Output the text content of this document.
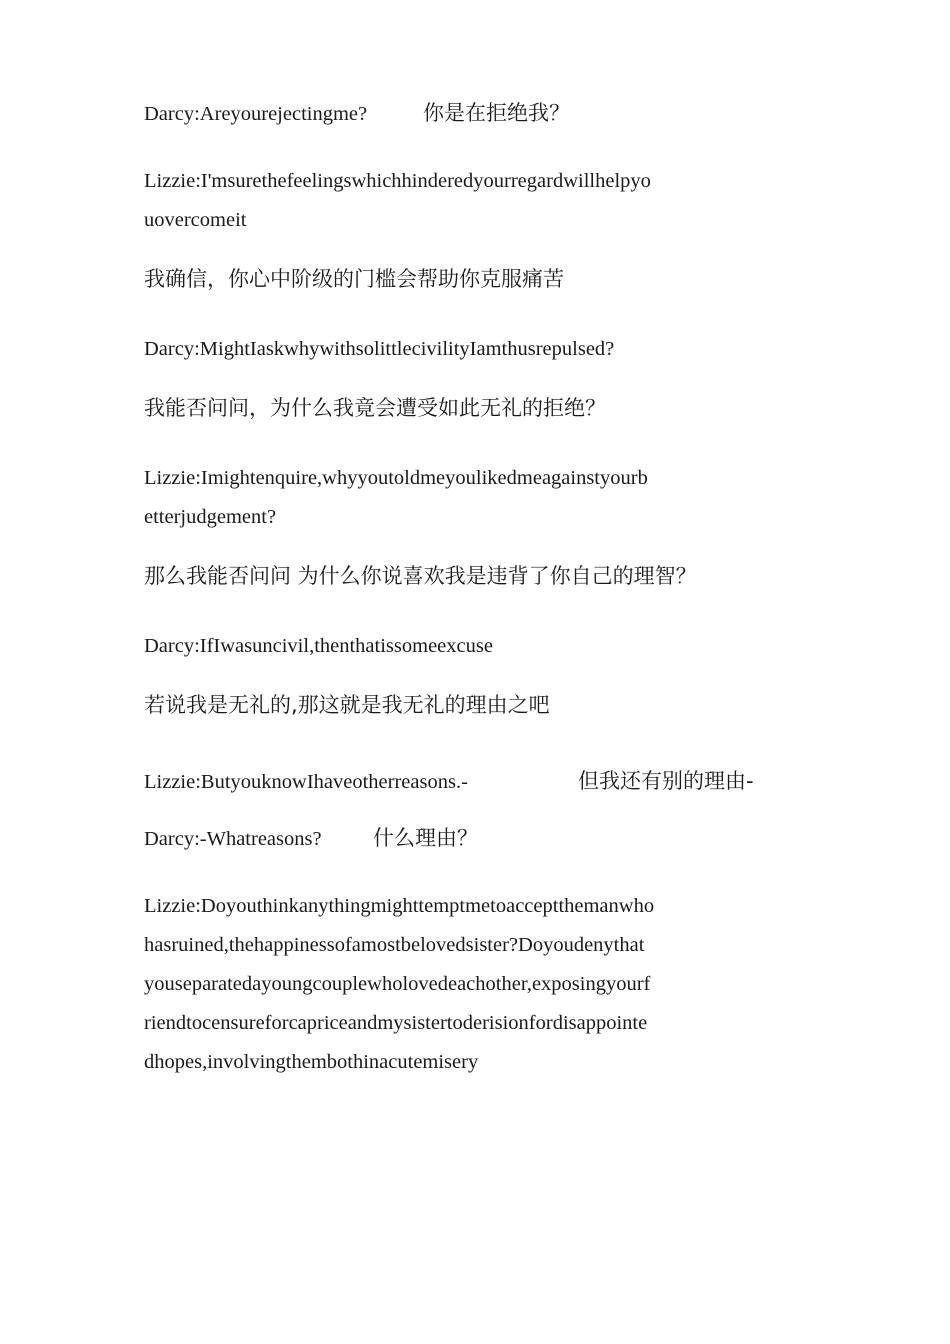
Darcy:Areyourejectingme?	你是在拒绝我？
Lizzie:I'msurethefeelingswhichhinderedyourregardwillhelpyo
uovercomeit
我确信，你心中阶级的门槛会帮助你克服痛苦
Darcy:MightIaskwhywithsolittlecivilityIamthusrepulsed?
我能否问问，为什么我竟会遭受如此无礼的拒绝？
Lizzie:Imightenquire,whyyoutoldmeyoulikedmeagainstyourb
etterjudgement?
那么我能否问问 为什么你说喜欢我是违背了你自己的理智？
Darcy:IfIwasuncivil,thenthatissomeexcuse
若说我是无礼的,那这就是我无礼的理由之吧
Lizzie:ButyouknowIhaveotherreasons.-	但我还有别的理由-
Darcy:-Whatreasons? 什么理由？
Lizzie:Doyouthinkanythingmighttemptmetoacceptthemanwho
hasruined,thehappinessofamostbelovedsister?Doyoudenythat
youseparatedayoungcouplewholovedeachother,exposingyourf
riendtocensureforcapriceandmysistertoderisionfordisappointe
dhopes,involvingthembothinacutemisery
